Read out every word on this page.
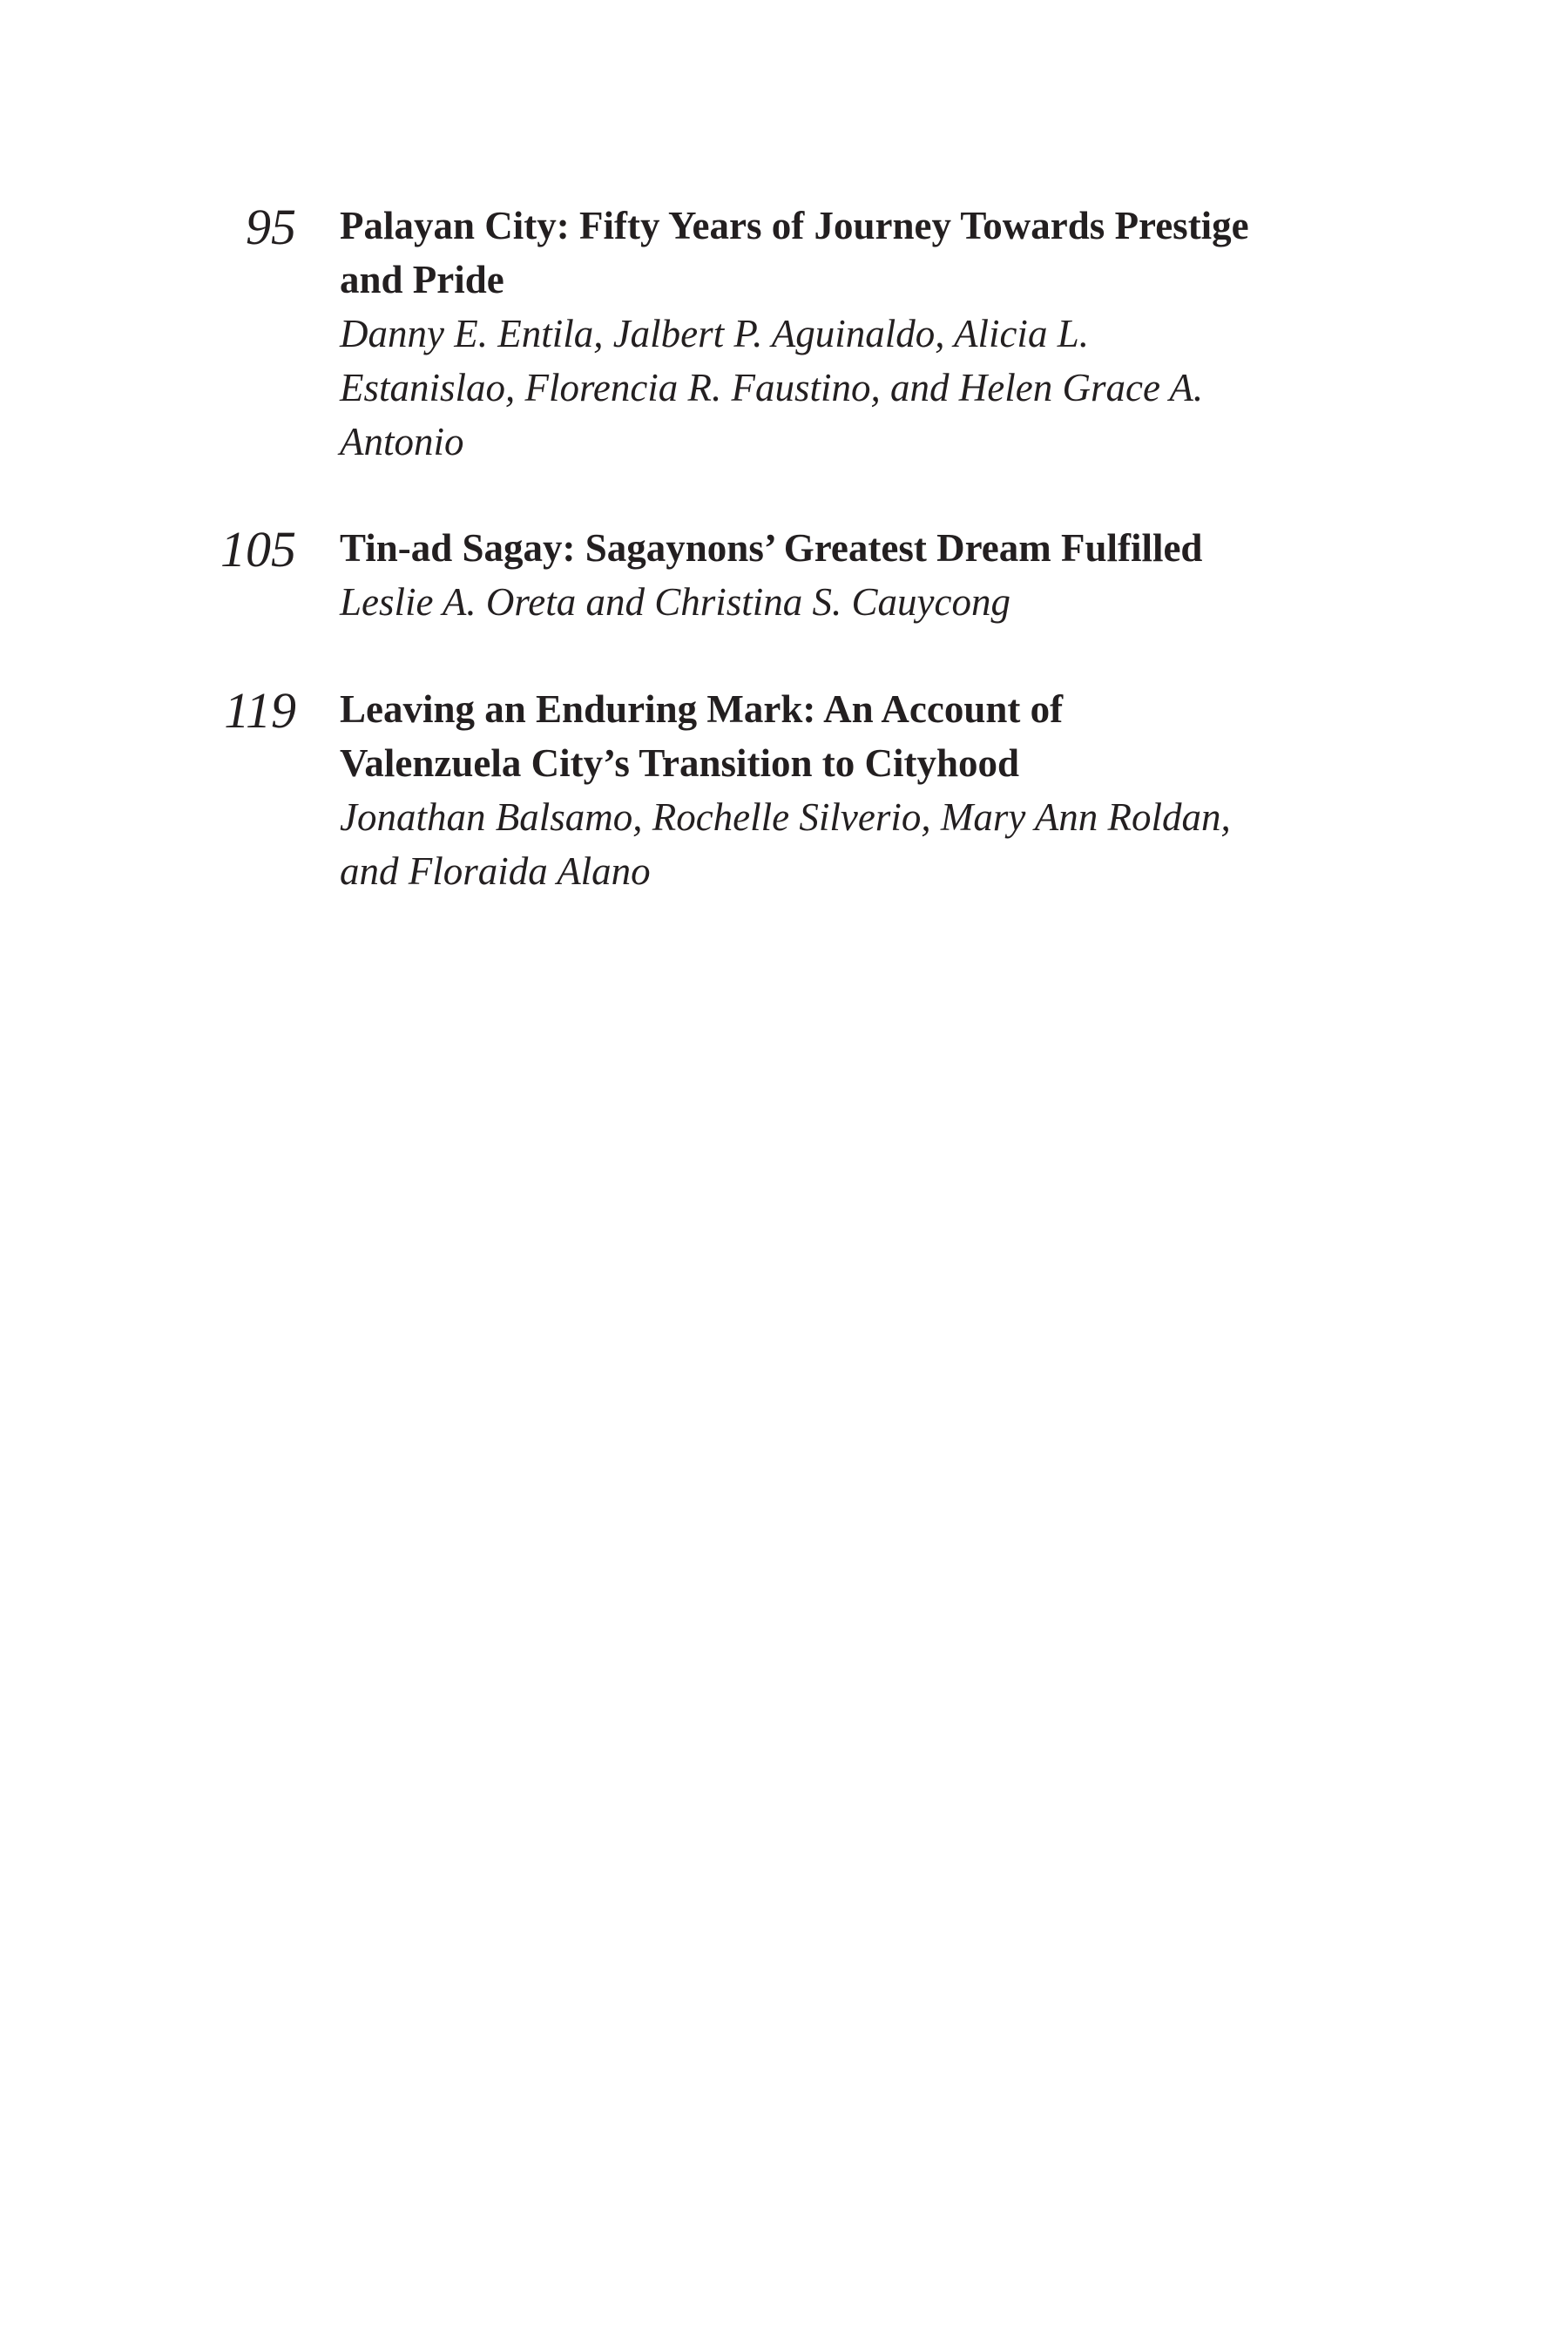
95 Palayan City: Fifty Years of Journey Towards Prestige
and Pride
Danny E. Entila, Jalbert P. Aguinaldo, Alicia L.
Estanislao, Florencia R. Faustino, and Helen Grace A.
Antonio
105 Tin-ad Sagay: Sagaynons’ Greatest Dream Fulfilled
Leslie A. Oreta and Christina S. Cauycong
119 Leaving an Enduring Mark: An Account of
Valenzuela City’s Transition to Cityhood
Jonathan Balsamo, Rochelle Silverio, Mary Ann Roldan,
and Floraida Alano
